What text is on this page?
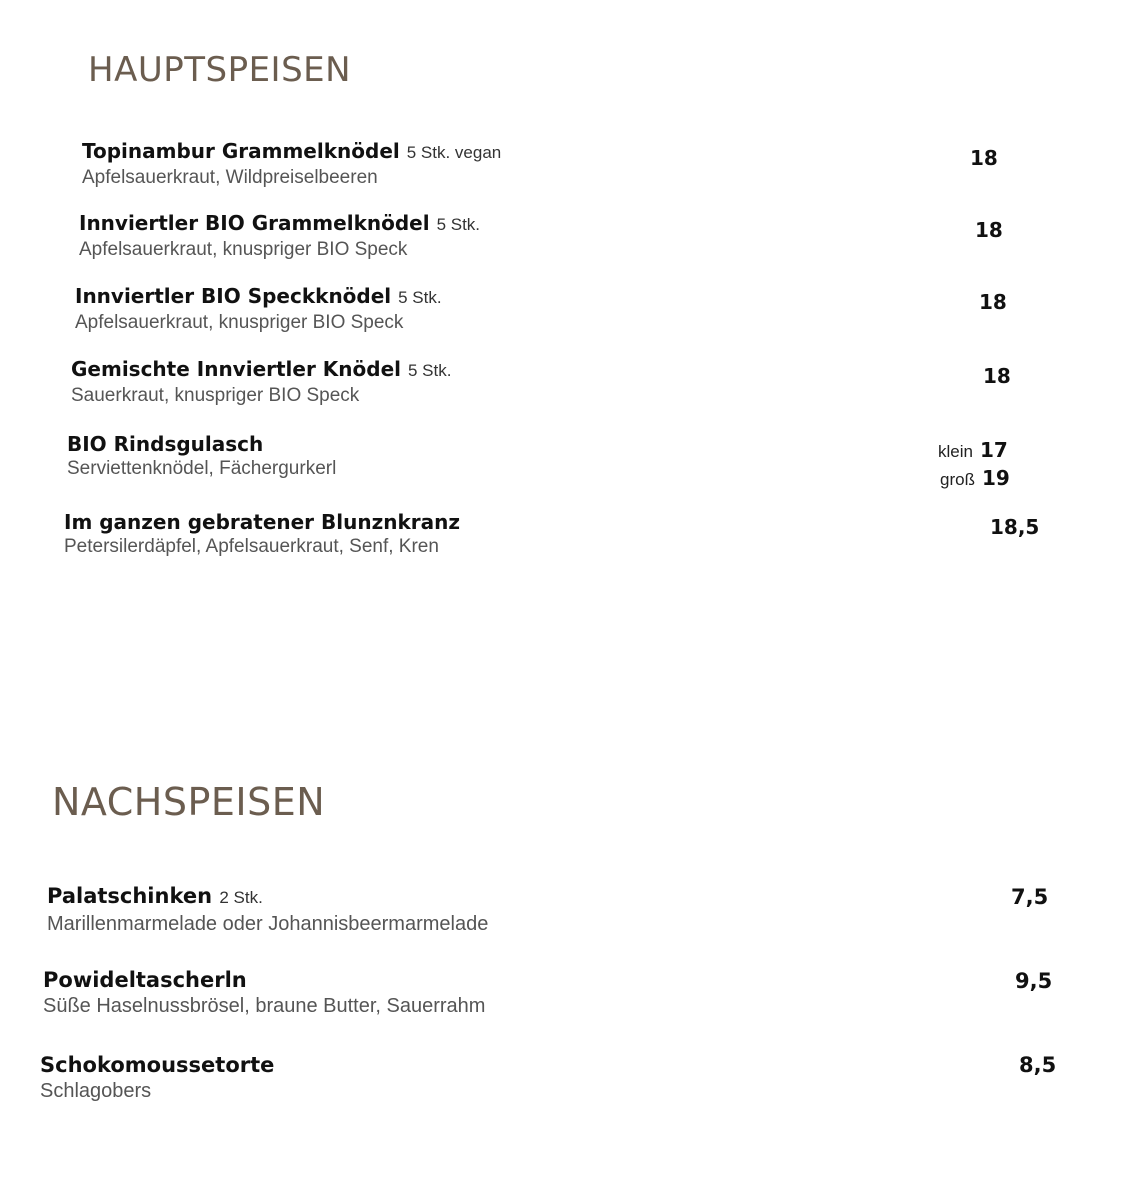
HAUPTSPEISEN
Topinambur Grammelknödel 5 Stk. vegan
Apfelsauerkraut, Wildpreiselbeeren
18
Innviertler BIO Grammelknödel 5 Stk.
Apfelsauerkraut, knuspriger BIO Speck
18
Innviertler BIO Speckknödel 5 Stk.
Apfelsauerkraut, knuspriger BIO Speck
18
Gemischte Innviertler Knödel 5 Stk.
Sauerkraut, knuspriger BIO Speck
18
BIO Rindsgulasch
Serviettenknödel, Fächergurkerl
klein 17
groß 19
Im ganzen gebratener Blunznkranz
Petersilerdäpfel, Apfelsauerkraut, Senf, Kren
18,5
NACHSPEISEN
Palatschinken 2 Stk.
Marillenmarmelade oder Johannisbeermarmelade
7,5
Powideltascherln
Süße Haselnussbrösel, braune Butter, Sauerrahm
9,5
Schokomoussetorte
Schlagobers
8,5
